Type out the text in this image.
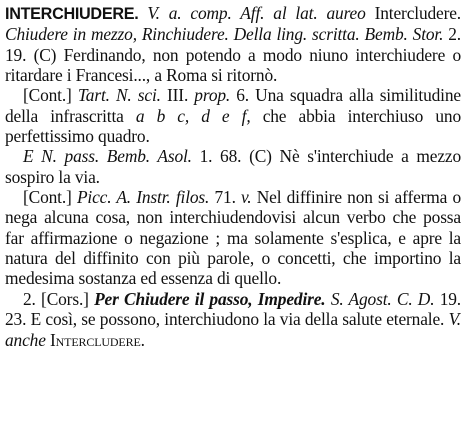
INTERCHIUDERE. V. a. comp. Aff. al lat. aureo Intercludere. Chiudere in mezzo, Rinchiudere. Della ling. scritta. Bemb. Stor. 2. 19. (C) Ferdinando, non potendo a modo niuno interchiudere o ritardare i Francesi..., a Roma si ritornò.

[Cont.] Tart. N. sci. III. prop. 6. Una squadra alla similitudine della infrascritta a b c, d e f, che abbia interchiuso uno perfettissimo quadro.

E N. pass. Bemb. Asol. 1. 68. (C) Nè s'interchiude a mezzo sospiro la via.

[Cont.] Picc. A. Instr. filos. 71. v. Nel diffinire non si afferma o nega alcuna cosa, non interchiudendovisi alcun verbo che possa far affirmazione o negazione ; ma solamente s'esplica, e apre la natura del diffinito con più parole, o concetti, che importino la medesima sostanza ed essenza di quello.

2. [Cors.] Per Chiudere il passo, Impedire. S. Agost. C. D. 19. 23. E così, se possono, interchiudono la via della salute eternale. V. anche Intercludere.
